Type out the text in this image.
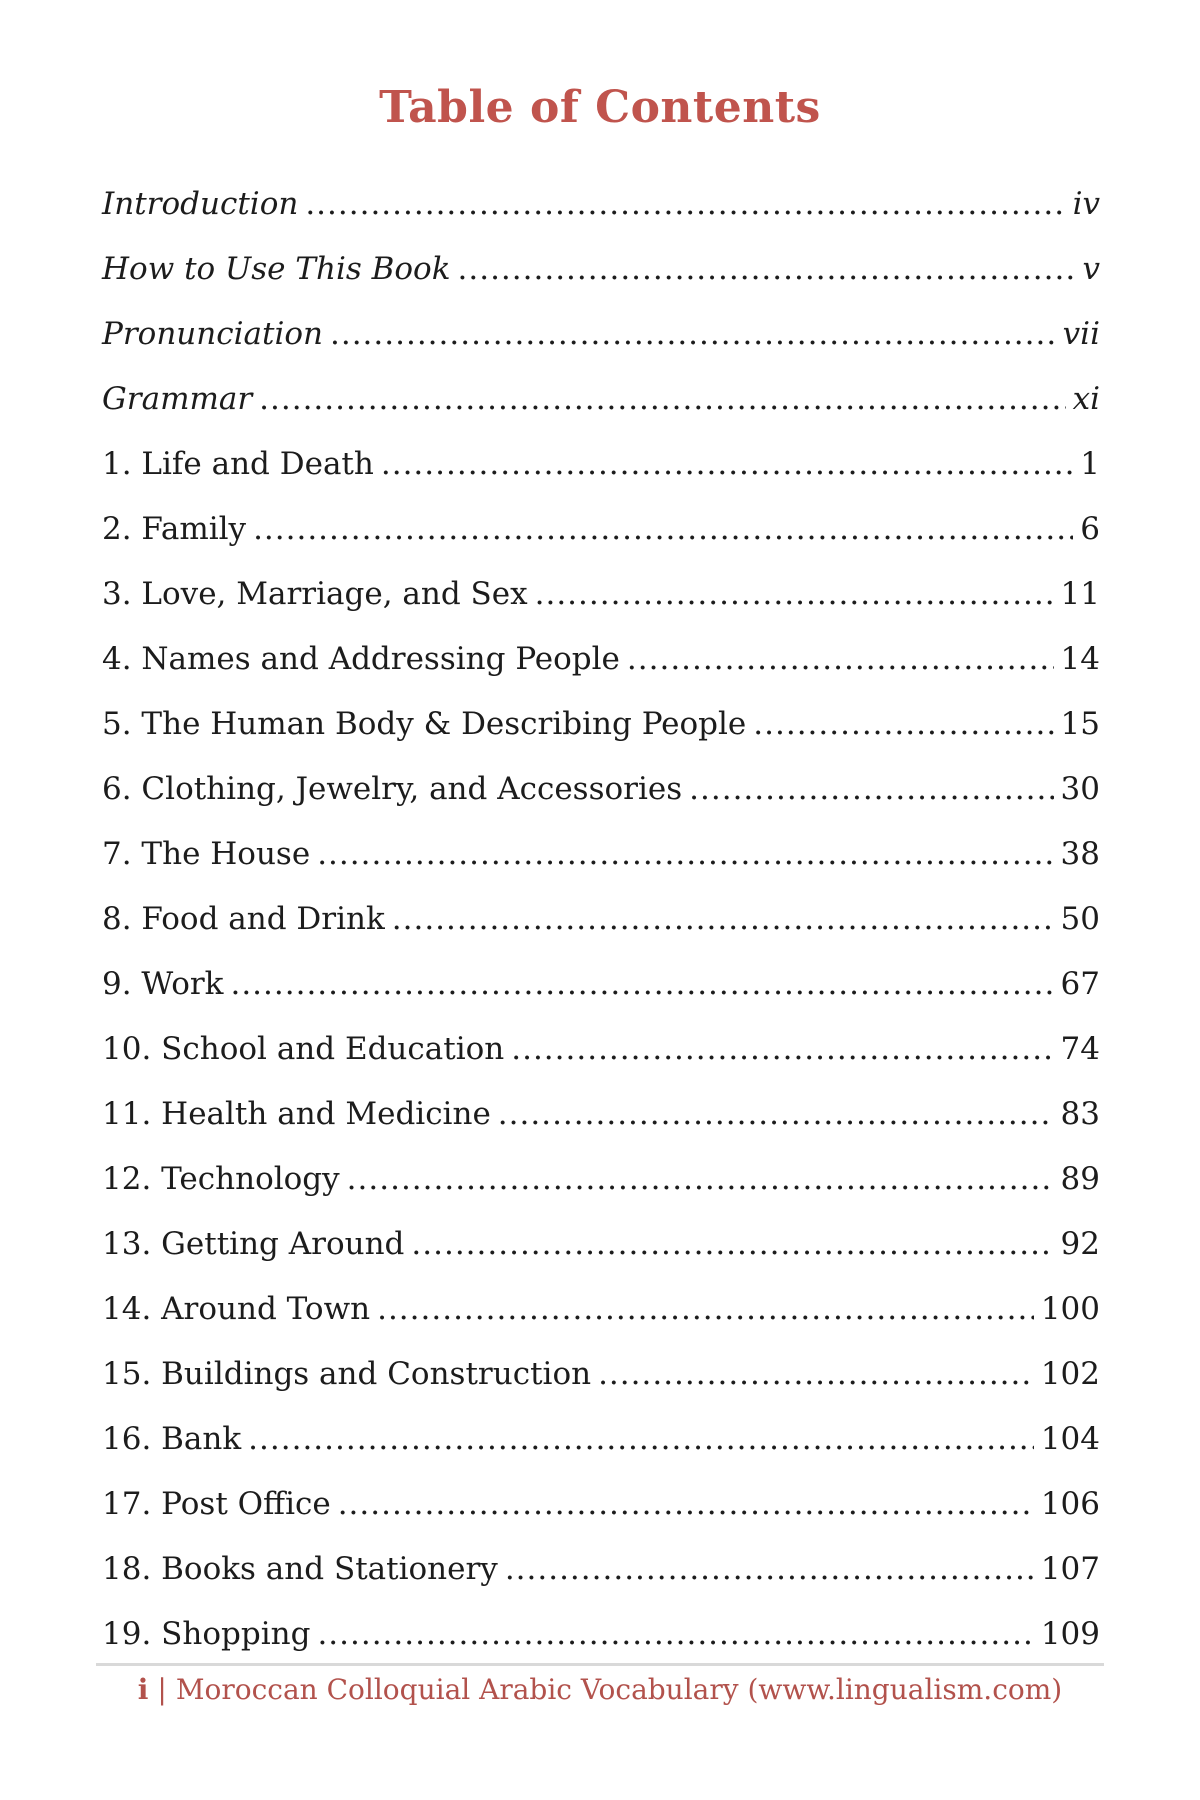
Table of Contents
Introduction .....	iv
How to Use This Book .....	v
Pronunciation .....	vii
Grammar .....	xi
1. Life and Death .....	1
2. Family .....	6
3. Love, Marriage, and Sex .....	11
4. Names and Addressing People .....	14
5. The Human Body & Describing People .....	15
6. Clothing, Jewelry, and Accessories .....	30
7. The House .....	38
8. Food and Drink .....	50
9. Work .....	67
10. School and Education .....	74
11. Health and Medicine .....	83
12. Technology .....	89
13. Getting Around .....	92
14. Around Town .....	100
15. Buildings and Construction .....	102
16. Bank .....	104
17. Post Office .....	106
18. Books and Stationery .....	107
19. Shopping .....	109
i | Moroccan Colloquial Arabic Vocabulary (www.lingualism.com)
